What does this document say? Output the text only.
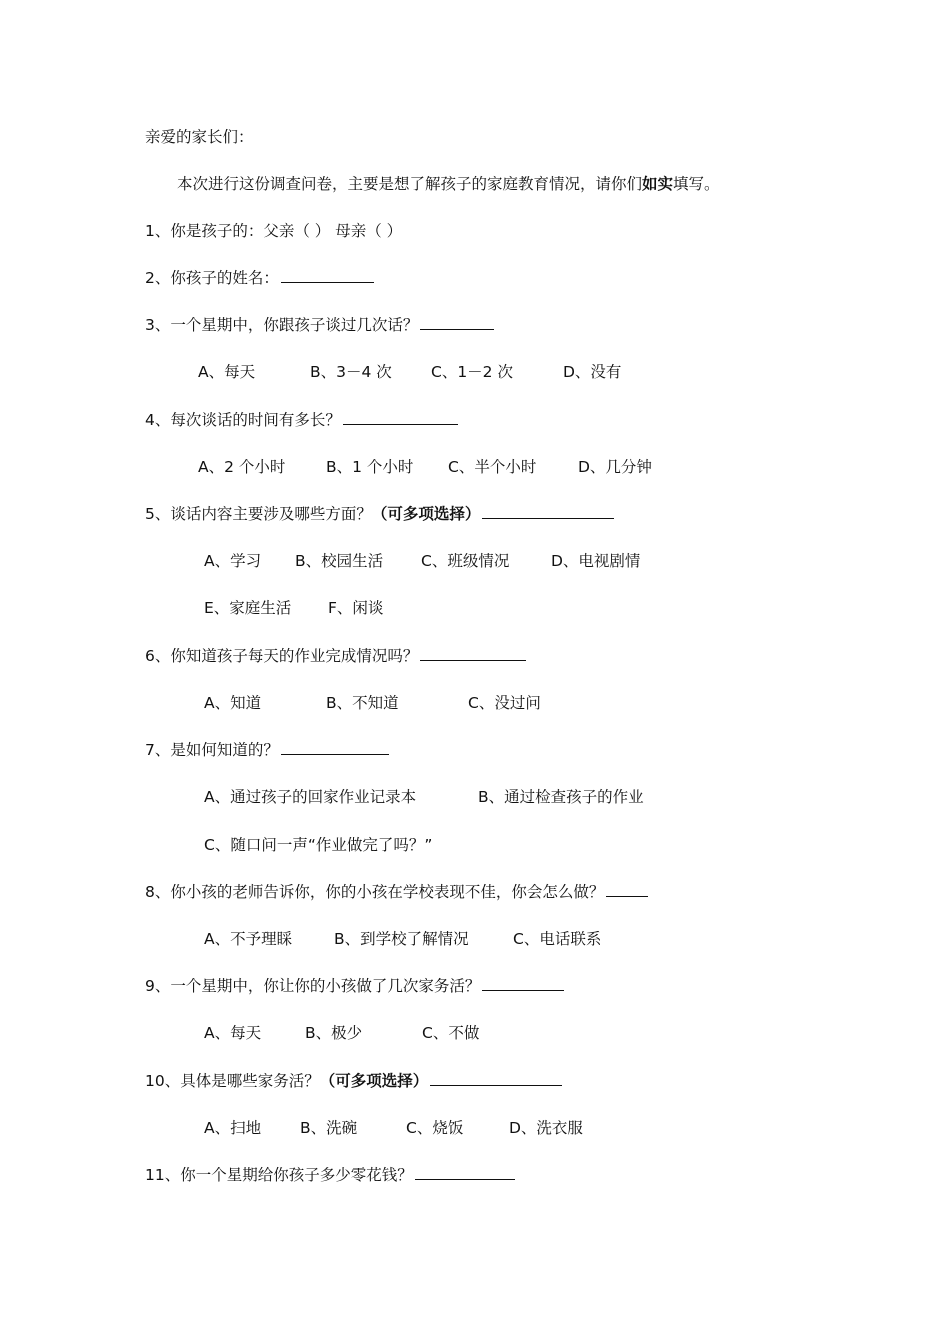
亲爱的家长们：
本次进行这份调查问卷，主要是想了解孩子的家庭教育情况，请你们如实填写。
1、你是孩子的：父亲（ ） 母亲（ ）
2、你孩子的姓名：
3、一个星期中，你跟孩子谈过几次话？
A、每天	B、3－4 次	C、1－2 次	D、没有
4、每次谈话的时间有多长？
A、2 个小时	B、1 个小时 C、半个小时	D、几分钟
5、谈话内容主要涉及哪些方面？（可多项选择）
A、学习 B、校园生活 C、班级情况	D、电视剧情
E、家庭生活 F、闲谈
6、你知道孩子每天的作业完成情况吗？
A、知道	B、不知道	C、没过问
7、是如何知道的？
A、通过孩子的回家作业记录本	B、通过检查孩子的作业
C、随口问一声“作业做完了吗？”
8、你小孩的老师告诉你，你的小孩在学校表现不佳，你会怎么做？
A、不予理睬	B、到学校了解情况	C、电话联系
9、一个星期中，你让你的小孩做了几次家务活？
A、每天	B、极少	C、不做
10、具体是哪些家务活？（可多项选择）
A、扫地	B、洗碗	C、烧饭	D、洗衣服
11、你一个星期给你孩子多少零花钱？
